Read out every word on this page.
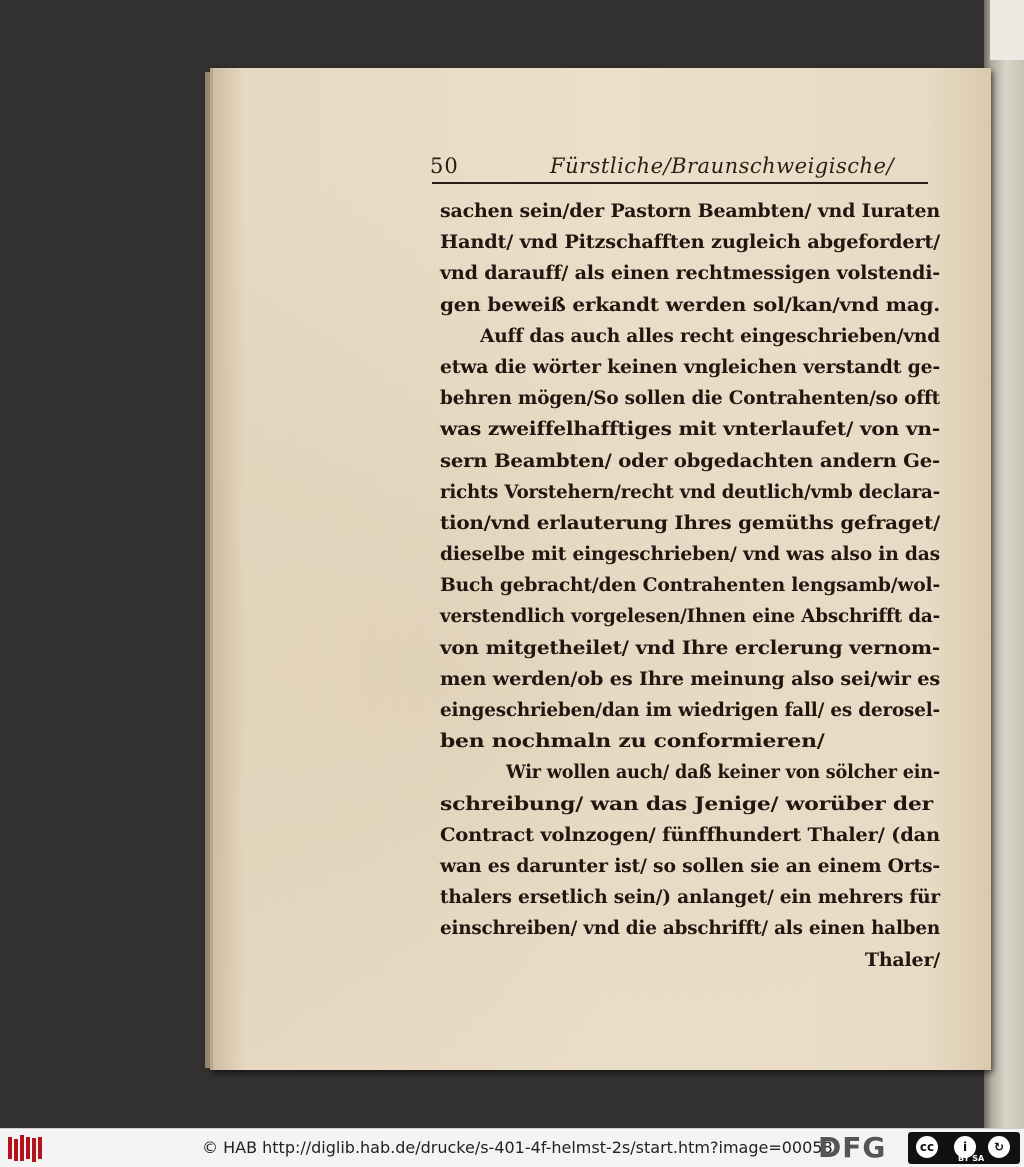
50	Fürstliche/Braunschweigische/
sachen sein/der Pastorn Beambten/ vnd Iuraten
Handt/ vnd Pitzschafften zugleich abgefordert/
vnd darauff/ als einen rechtmessigen volstendi-
gen beweiß erkandt werden sol/kan/vnd mag.
Auff das auch alles recht eingeschrieben/vnd
etwa die wörter keinen vngleichen verstandt ge-
behren mögen/So sollen die Contrahenten/so offt
was zweiffelhafftiges mit vnterlaufet/ von vn-
sern Beambten/ oder obgedachten andern Ge-
richts Vorstehern/recht vnd deutlich/vmb declara-
tion/vnd erlauterung Ihres gemüths gefraget/
dieselbe mit eingeschrieben/ vnd was also in das
Buch gebracht/den Contrahenten lengsamb/wol-
verstendlich vorgelesen/Ihnen eine Abschrifft da-
von mitgetheilet/ vnd Ihre erclerung vernom-
men werden/ob es Ihre meinung also sei/wir es
eingeschrieben/dan im wiedrigen fall/ es derosel-
ben nochmaln zu conformieren/
Wir wollen auch/ daß keiner von sölcher ein-
schreibung/ wan das Jenige/ worüber der
Contract volnzogen/ fünffhundert Thaler/ (dan
wan es darunter ist/ so sollen sie an einem Orts-
thalers ersetlich sein/) anlanget/ ein mehrers für
einschreiben/ vnd die abschrifft/ als einen halben
Thaler/
© HAB http://diglib.hab.de/drucke/s-401-4f-helmst-2s/start.htm?image=00058
DFG	cc	i	↻
BY SA
